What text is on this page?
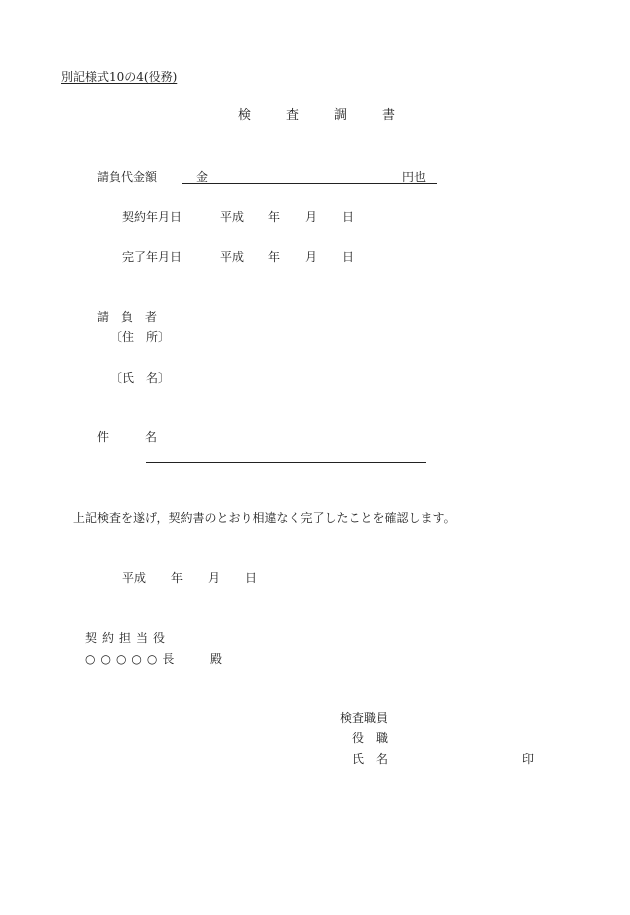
別記様式10の4(役務)
検	査	調	書
請負代金額	金	円也
契約年月日	平成 年 月 日
完了年月日	平成 年 月 日
請　負　者
〔住　所〕
〔氏　名〕
件　　　名
上記検査を遂げ，契約書のとおり相違なく完了したことを確認します。
平成 年 月 日
契約担当役
○○○○○長	殿
検査職員
役　職
氏　名	印
